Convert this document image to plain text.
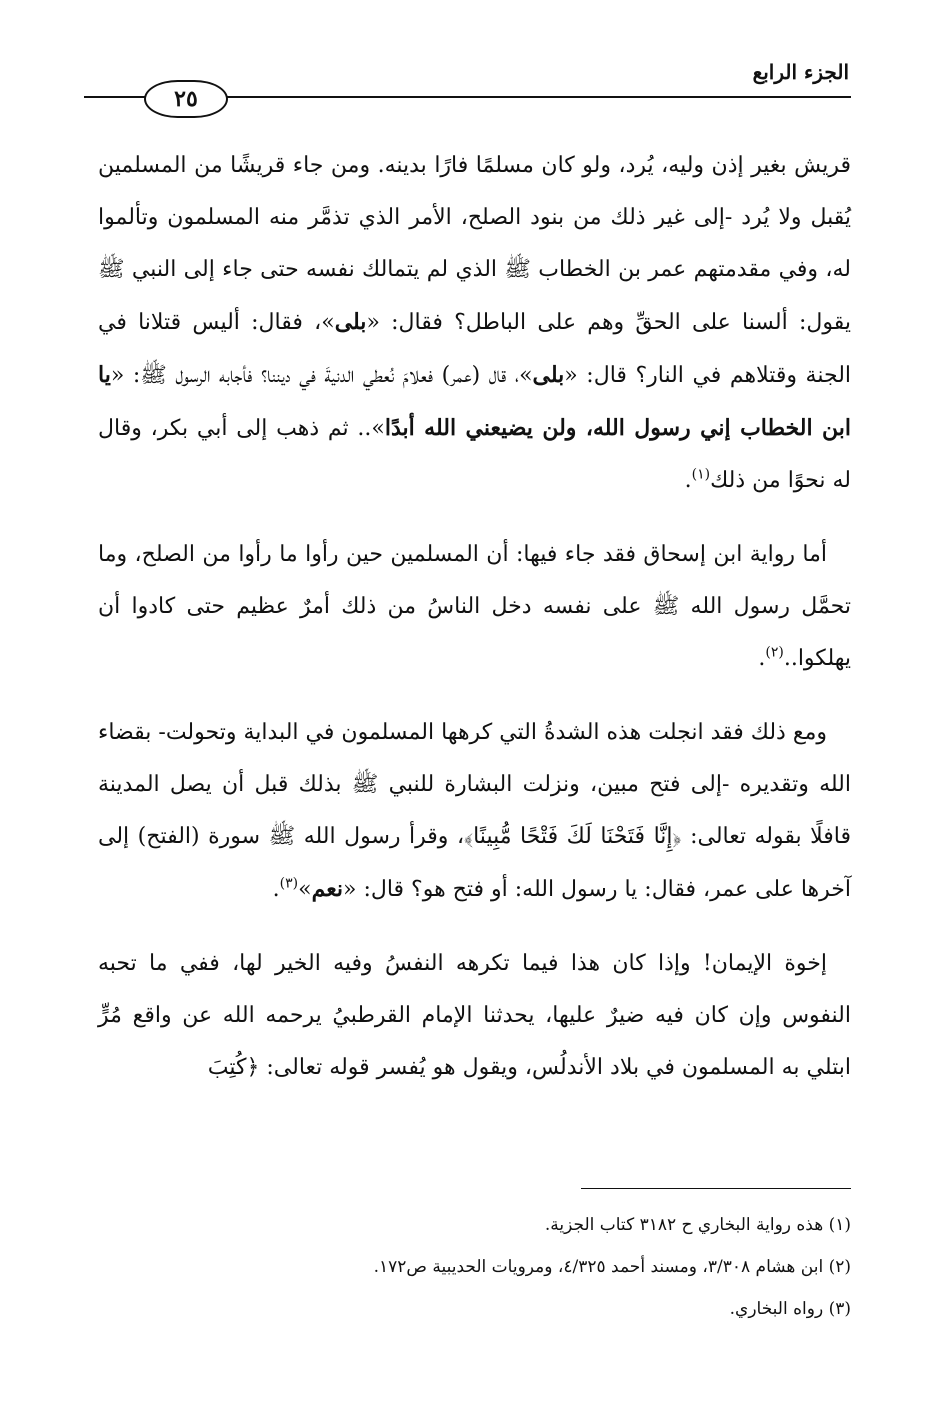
الجزء الرابع
٢٥

قريش بغير إذن وليه، يُرد، ولو كان مسلمًا فارًا بدينه. ومن جاء قريشًا من المسلمين يُقبل ولا يُرد -إلى غير ذلك من بنود الصلح، الأمر الذي تذمَّر منه المسلمون وتألموا له، وفي مقدمتهم عمر بن الخطاب ﷺ الذي لم يتمالك نفسه حتى جاء إلى النبي ﷺ يقول: ألسنا على الحقِّ وهم على الباطل؟ فقال: «بلى»، فقال: أليس قتلانا في الجنة وقتلاهم في النار؟ قال: «بلى»، قال (عمر) فعلامَ نُعطي الدنيةَ في ديننا؟ فأجابه الرسول ﷺ: «يا ابن الخطاب إني رسول الله، ولن يضيعني الله أبدًا».. ثم ذهب إلى أبي بكر، وقال له نحوًا من ذلك$^{(١)}$.

أما رواية ابن إسحاق فقد جاء فيها: أن المسلمين حين رأوا ما رأوا من الصلح، وما تحمَّل رسول الله ﷺ على نفسه دخل الناسُ من ذلك أمرٌ عظيم حتى كادوا أن يهلكوا..$^{(٢)}$.

ومع ذلك فقد انجلت هذه الشدةُ التي كرهها المسلمون في البداية وتحولت- بقضاء الله وتقديره -إلى فتح مبين، ونزلت البشارة للنبي ﷺ بذلك قبل أن يصل المدينة قافلًا بقوله تعالى: ﴿إِنَّا فَتَحْنَا لَكَ فَتْحًا مُّبِينًا﴾، وقرأ رسول الله ﷺ سورة (الفتح) إلى آخرها على عمر، فقال: يا رسول الله: أو فتح هو؟ قال: «نعم»$^{(٣)}$.

إخوة الإيمان! وإذا كان هذا فيما تكرهه النفسُ وفيه الخير لها، ففي ما تحبه النفوس وإن كان فيه ضيرٌ عليها، يحدثنا الإمام القرطبيُ يرحمه الله عن واقع مُرٍّ ابتلي به المسلمون في بلاد الأندلُس، ويقول هو يُفسر قوله تعالى: ﴿كُتِبَ

(١) هذه رواية البخاري ح ٣١٨٢ كتاب الجزية.
(٢) ابن هشام ٣/٣٠٨، ومسند أحمد ٤/٣٢٥، ومرويات الحديبية ص١٧٢.
(٣) رواه البخاري.
